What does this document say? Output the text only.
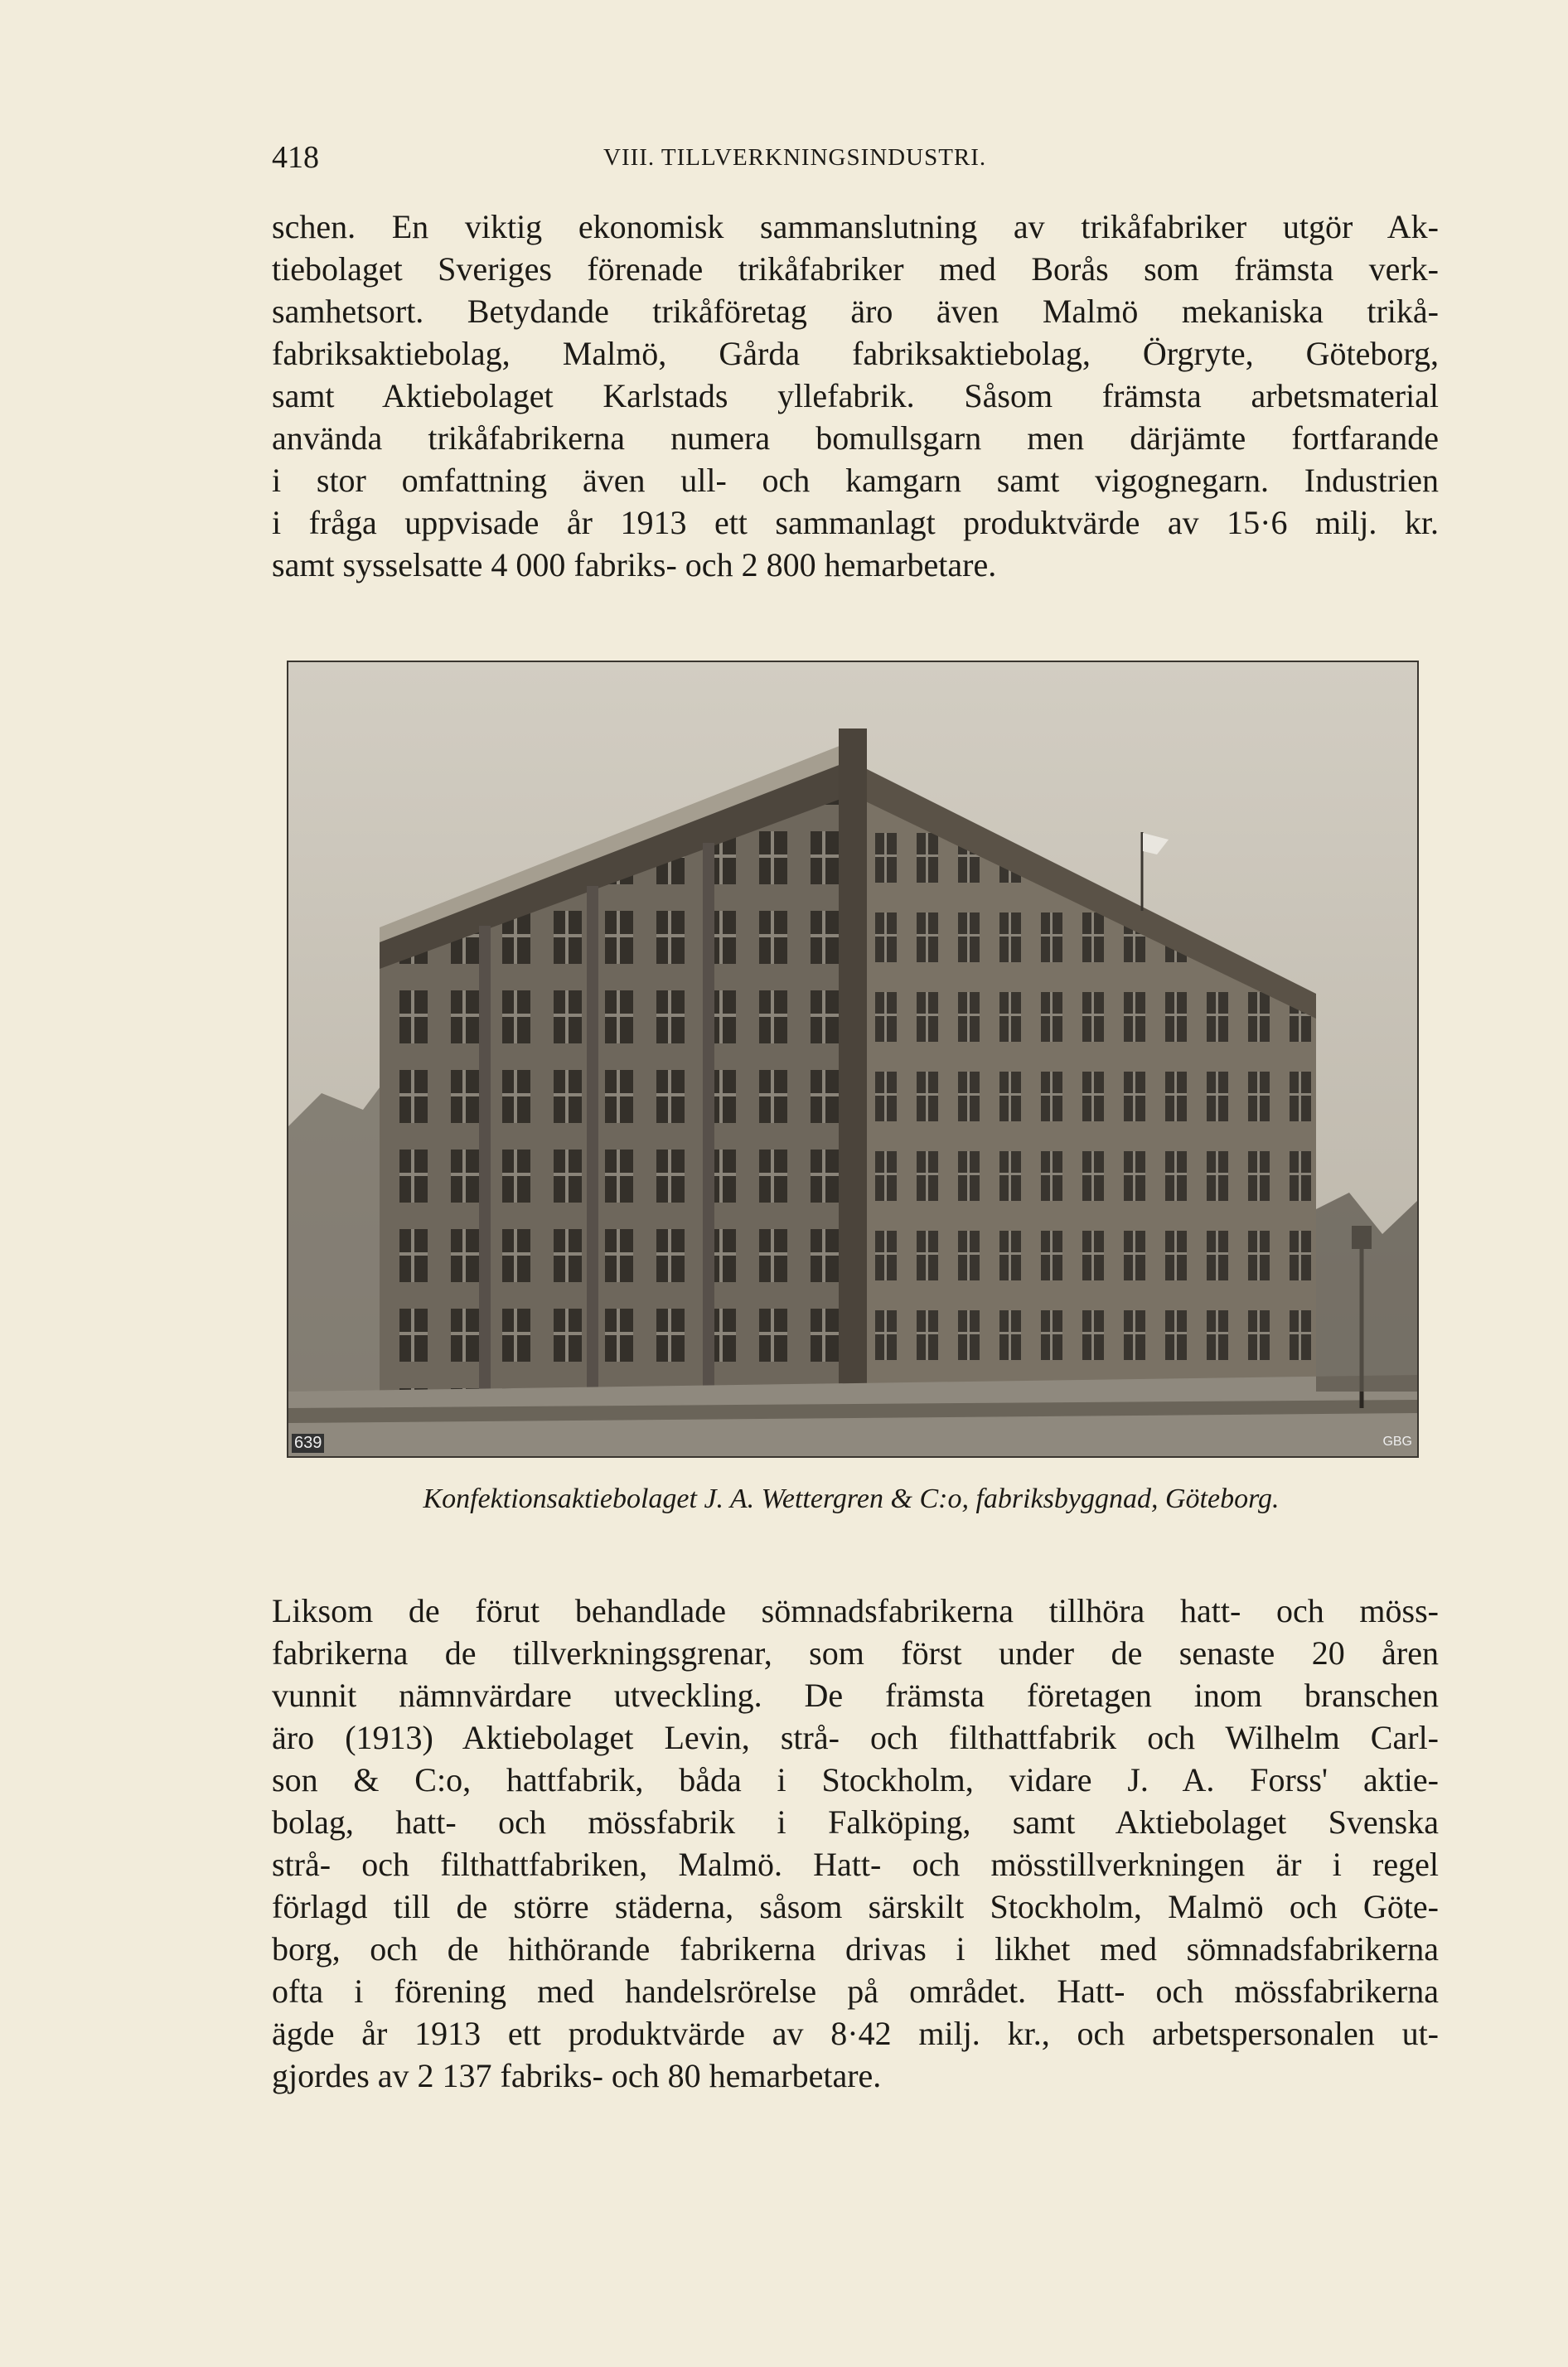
418	VIII. TILLVERKNINGSINDUSTRI.
schen. En viktig ekonomisk sammanslutning av trikåfabriker utgör Ak-
tiebolaget Sveriges förenade trikåfabriker med Borås som främsta verk-
samhetsort. Betydande trikåföretag äro även Malmö mekaniska trikå-
fabriksaktiebolag, Malmö, Gårda fabriksaktiebolag, Örgryte, Göteborg,
samt Aktiebolaget Karlstads yllefabrik. Såsom främsta arbetsmaterial
använda trikåfabrikerna numera bomullsgarn men därjämte fortfarande
i stor omfattning även ull- och kamgarn samt vigognegarn. Industrien
i fråga uppvisade år 1913 ett sammanlagt produktvärde av 15·6 milj. kr.
samt sysselsatte 4 000 fabriks- och 2 800 hemarbetare.
639	GBG
Konfektionsaktiebolaget J. A. Wettergren & C:o, fabriksbyggnad, Göteborg.
Liksom de förut behandlade sömnadsfabrikerna tillhöra hatt- och möss-
fabrikerna de tillverkningsgrenar, som först under de senaste 20 åren
vunnit nämnvärdare utveckling. De främsta företagen inom branschen
äro (1913) Aktiebolaget Levin, strå- och filthattfabrik och Wilhelm Carl-
son & C:o, hattfabrik, båda i Stockholm, vidare J. A. Forss' aktie-
bolag, hatt- och mössfabrik i Falköping, samt Aktiebolaget Svenska
strå- och filthattfabriken, Malmö. Hatt- och mösstillverkningen är i regel
förlagd till de större städerna, såsom särskilt Stockholm, Malmö och Göte-
borg, och de hithörande fabrikerna drivas i likhet med sömnadsfabrikerna
ofta i förening med handelsrörelse på området. Hatt- och mössfabrikerna
ägde år 1913 ett produktvärde av 8·42 milj. kr., och arbetspersonalen ut-
gjordes av 2 137 fabriks- och 80 hemarbetare.
